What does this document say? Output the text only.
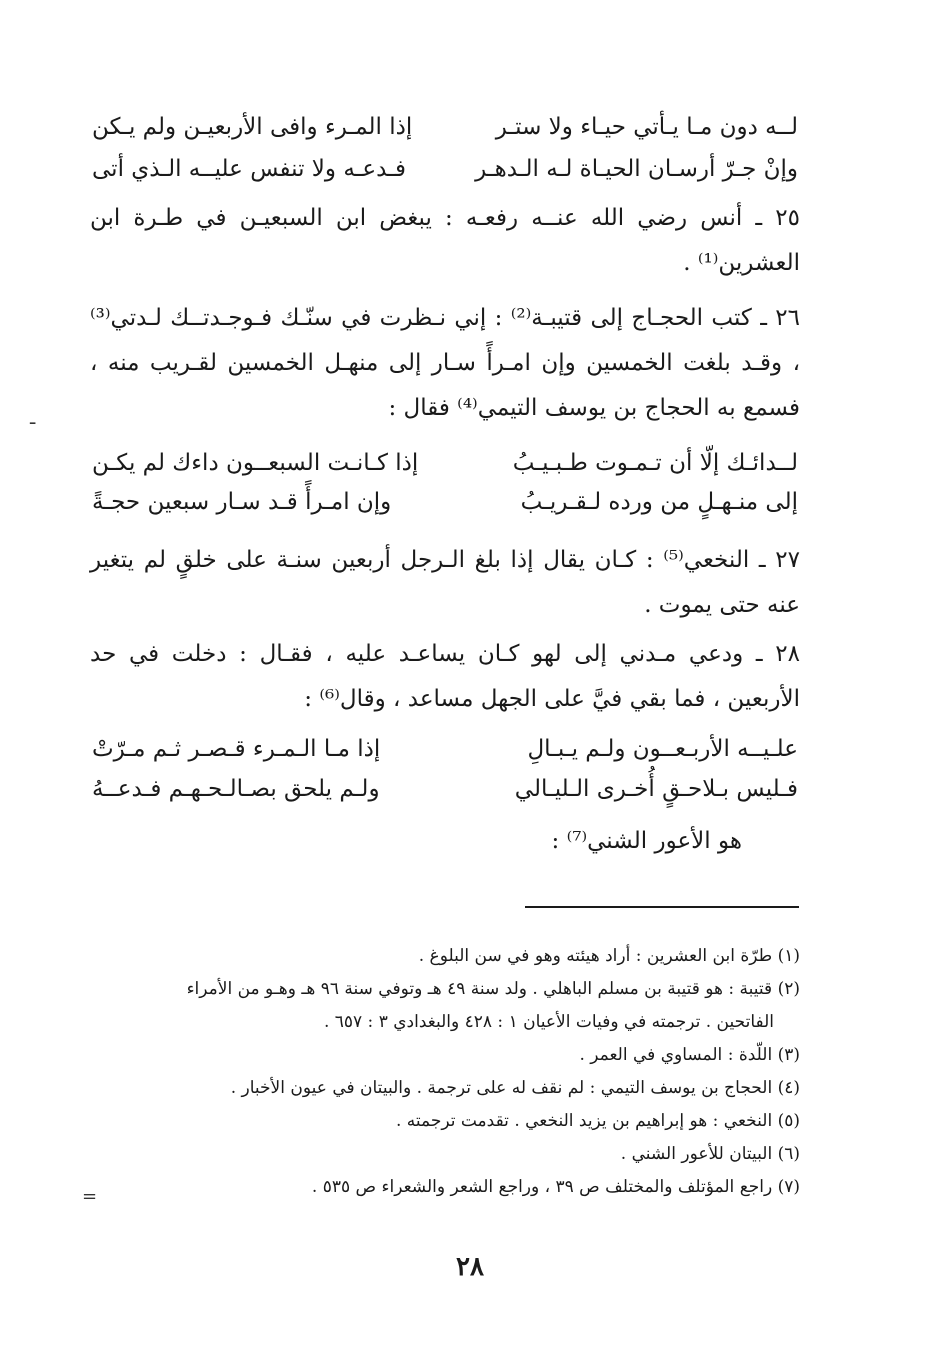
إذا المـرء وافى الأربعيـن ولم يـكن	لــه دون مـا يـأتي حيـاء ولا ستـر
فـدعـه ولا تنفس عليــه الـذي أتى	وإنْ جـرّ أرسـان الحيـاة لـه الـدهـر
٢٥ ـ أنس رضي الله عنــه رفعـه : يبغض ابن السبعيـن في طـرة ابن العشرين⁽¹⁾ .
٢٦ ـ كتب الحجـاج إلى قتيبـة⁽²⁾ : إني نـظرت في سنّـك فـوجـدتــك لـدتي⁽³⁾ ، وقـد بلغت الخمسين وإن امـرأً سـار إلى منهـل الخمسين لقـريب منه ، فسمع به الحجاج بن يوسف التيمي⁽⁴⁾ فقال :
إذا كـانـت السبعــون داءك لم يكـن	لــدائـك إلّا أن تـمـوت طـبـيـبُ
وإن امـرأً قـد سـار سبعين حجـةً	إلى منـهـلٍ من ورده لـقـريـبُ
٢٧ ـ النخعي⁽⁵⁾ : كـان يقال إذا بلغ الـرجل أربعين سنـة على خلقٍ لم يتغير عنه حتى يموت .
٢٨ ـ ودعي مـدني إلى لهو كـان يساعـد عليه ، فقـال : دخلت في حد الأربعين ، فما بقي فيَّ على الجهل مساعد ، وقال⁽⁶⁾ :
إذا مـا الـمـرء قـصـر ثـم مـرّتْ	علـيــه الأربـعــون ولـم يـبـالِ
ولـم يلحق بصـالـحـهـم فـدعــهُ	فـليس بـلاحـقٍ أُخـرى الـليـالي
هو الأعور الشني⁽⁷⁾ :
(١) طرّة ابن العشرين : أراد هيئته وهو في سن البلوغ .
(٢) قتيبة : هو قتيبة بن مسلم الباهلي . ولد سنة ٤٩ هـ وتوفي سنة ٩٦ هـ وهـو من الأمراء
الفاتحين . ترجمته في وفيات الأعيان ١ : ٤٢٨ والبغدادي ٣ : ٦٥٧ .
(٣) اللّدة : المساوي في العمر .
(٤) الحجاج بن يوسف التيمي : لم نقف له على ترجمة . والبيتان في عيون الأخبار .
(٥) النخعي : هو إبراهيم بن يزيد النخعي . تقدمت ترجمته .
(٦) البيتان للأعور الشني .
(٧) راجع المؤتلف والمختلف ص ٣٩ ، وراجع الشعر والشعراء ص ٥٣٥ .
٢٨
ـ
=
